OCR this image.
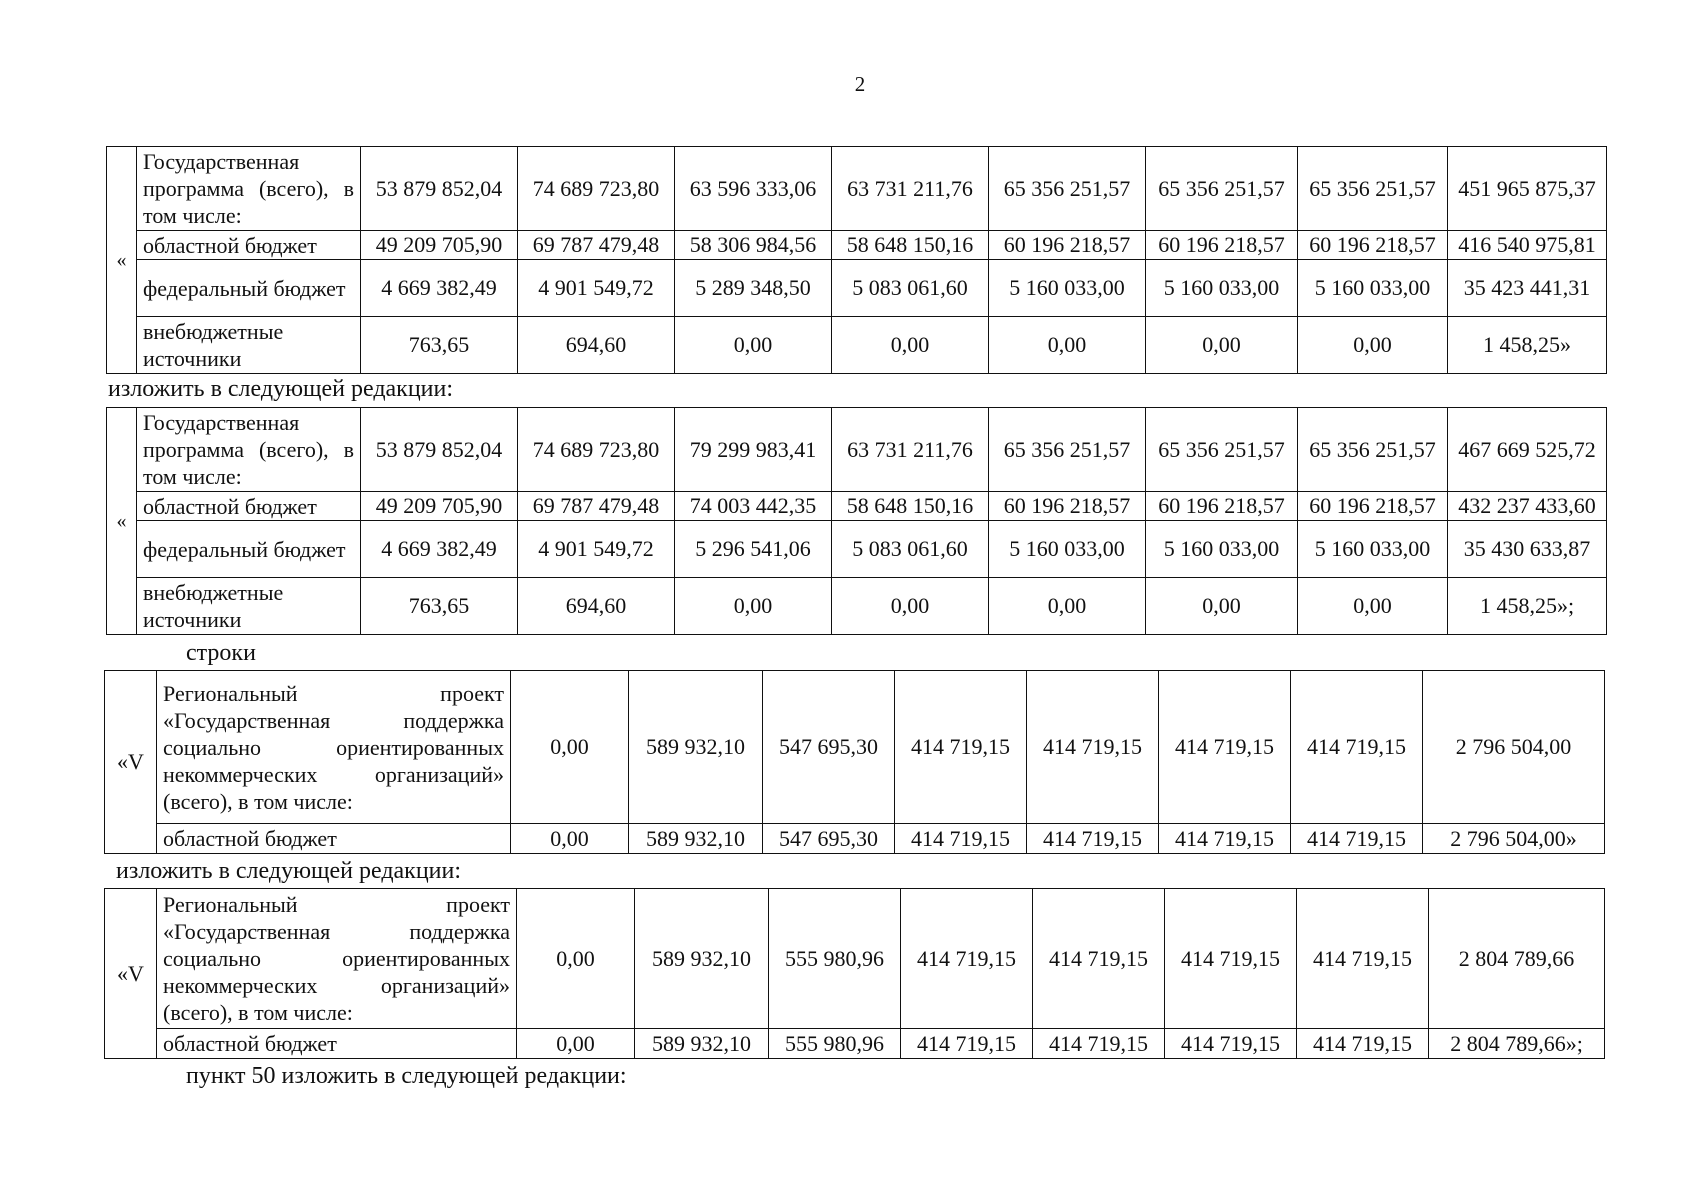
2
«	Государственная программа (всего), в том числе:	53 879 852,04	74 689 723,80	63 596 333,06	63 731 211,76	65 356 251,57	65 356 251,57	65 356 251,57	451 965 875,37
	областной бюджет	49 209 705,90	69 787 479,48	58 306 984,56	58 648 150,16	60 196 218,57	60 196 218,57	60 196 218,57	416 540 975,81
	федеральный бюджет	4 669 382,49	4 901 549,72	5 289 348,50	5 083 061,60	5 160 033,00	5 160 033,00	5 160 033,00	35 423 441,31
	внебюджетные источники	763,65	694,60	0,00	0,00	0,00	0,00	0,00	1 458,25»
изложить в следующей редакции:
«	Государственная программа (всего), в том числе:	53 879 852,04	74 689 723,80	79 299 983,41	63 731 211,76	65 356 251,57	65 356 251,57	65 356 251,57	467 669 525,72
	областной бюджет	49 209 705,90	69 787 479,48	74 003 442,35	58 648 150,16	60 196 218,57	60 196 218,57	60 196 218,57	432 237 433,60
	федеральный бюджет	4 669 382,49	4 901 549,72	5 296 541,06	5 083 061,60	5 160 033,00	5 160 033,00	5 160 033,00	35 430 633,87
	внебюджетные источники	763,65	694,60	0,00	0,00	0,00	0,00	0,00	1 458,25»;
строки
«V	Региональный проект «Государственная поддержка социально ориентированных некоммерческих организаций» (всего), в том числе:	0,00	589 932,10	547 695,30	414 719,15	414 719,15	414 719,15	414 719,15	2 796 504,00
	областной бюджет	0,00	589 932,10	547 695,30	414 719,15	414 719,15	414 719,15	414 719,15	2 796 504,00»
изложить в следующей редакции:
«V	Региональный проект «Государственная поддержка социально ориентированных некоммерческих организаций» (всего), в том числе:	0,00	589 932,10	555 980,96	414 719,15	414 719,15	414 719,15	414 719,15	2 804 789,66
	областной бюджет	0,00	589 932,10	555 980,96	414 719,15	414 719,15	414 719,15	414 719,15	2 804 789,66»;
пункт 50 изложить в следующей редакции:
